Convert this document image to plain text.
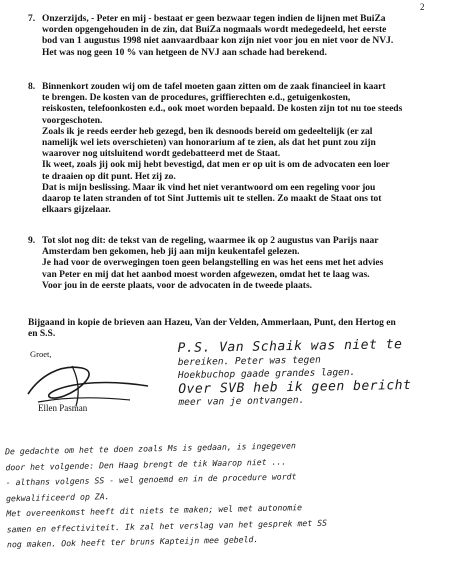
2
7. Onzerzijds, - Peter en mij - bestaat er geen bezwaar tegen indien de lijnen met BuiZa
worden opgengehouden in de zin, dat BuiZa nogmaals wordt medegedeeld, het eerste
bod van 1 augustus 1998 niet aanvaardbaar kon zijn niet voor jou en niet voor de NVJ.
Het was nog geen 10 % van hetgeen de NVJ aan schade had berekend.
8. Binnenkort zouden wij om de tafel moeten gaan zitten om de zaak financieel in kaart
te brengen. De kosten van de procedures, griffierechten e.d., getuigenkosten,
reiskosten, telefoonkosten e.d., ook moet worden bepaald. De kosten zijn tot nu toe steeds
voorgeschoten.
Zoals ik je reeds eerder heb gezegd, ben ik desnoods bereid om gedeeltelijk (er zal
namelijk wel iets overschieten) van honorarium af te zien, als dat het punt zou zijn
waarover nog uitsluitend wordt gedebatteerd met de Staat.
Ik weet, zoals jij ook mij hebt bevestigd, dat men er op uit is om de advocaten een loer
te draaien op dit punt. Het zij zo.
Dat is mijn beslissing. Maar ik vind het niet verantwoord om een regeling voor jou
daarop te laten stranden of tot Sint Juttemis uit te stellen. Zo maakt de Staat ons tot
elkaars gijzelaar.
9. Tot slot nog dit: de tekst van de regeling, waarmee ik op 2 augustus van Parijs naar
Amsterdam ben gekomen, heb jij aan mijn keukentafel gelezen.
Je had voor de overwegingen toen geen belangstelling en was het eens met het advies
van Peter en mij dat het aanbod moest worden afgewezen, omdat het te laag was.
Voor jou in de eerste plaats, voor de advocaten in de tweede plaats.
Bijgaand in kopie de brieven aan Hazeu, Van der Velden, Ammerlaan, Punt, den Hertog en
en S.S.
Groet,
Ellen Pasman
P.S. Van Schaik was niet te
bereiken. Peter was tegen
Hoekbuchop gaade grandes lagen.
Over SVB heb ik geen bericht
meer van je ontvangen.
De gedachte om het te doen zoals Ms is gedaan, is ingegeven
door het volgende: Den Haag brengt de tik Waarop niet ...
- althans volgens SS - wel genoemd en in de procedure wordt
gekwalificeerd op ZA.
Met overeenkomst heeft dit niets te maken; wel met autonomie
samen en effectiviteit. Ik zal het verslag van het gesprek met SS
nog maken. Ook heeft ter bruns Kapteijn mee gebeld.
